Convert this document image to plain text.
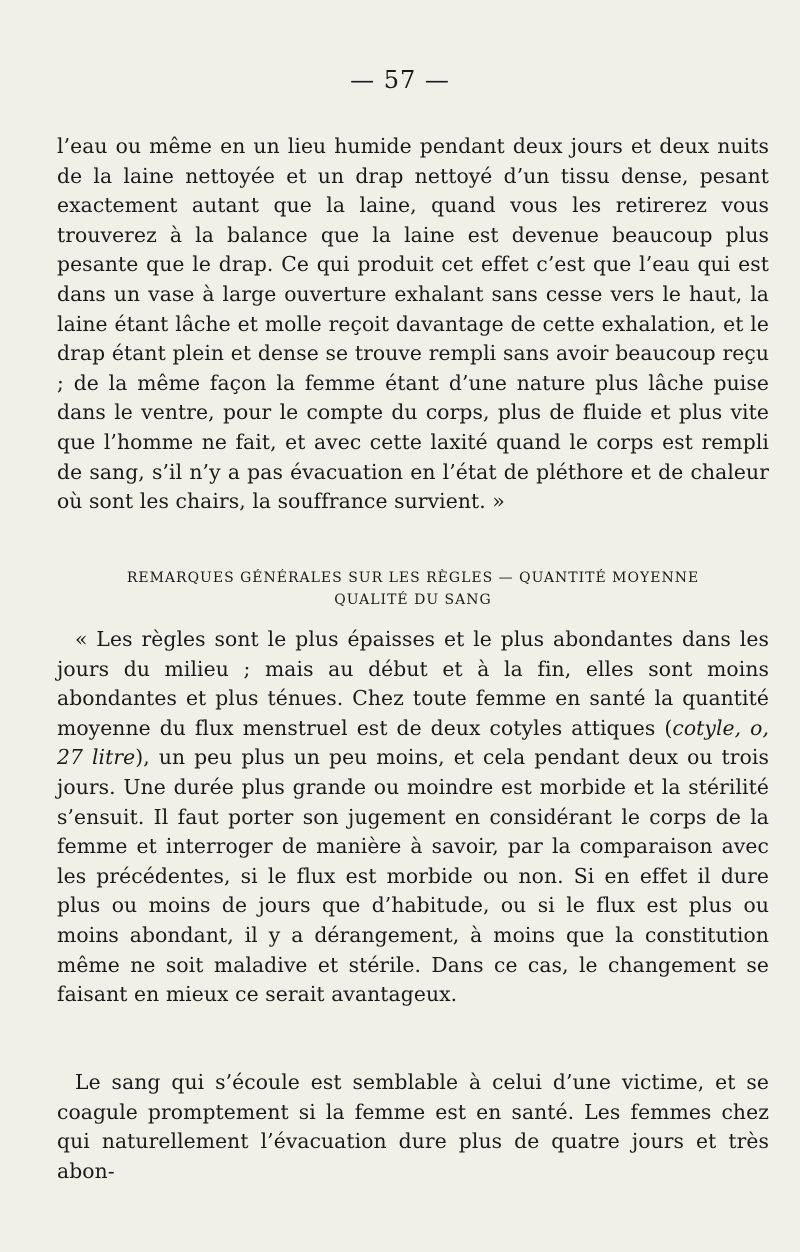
— 57 —

l’eau ou même en un lieu humide pendant deux jours et deux nuits de la laine nettoyée et un drap nettoyé d’un tissu dense, pesant exactement autant que la laine, quand vous les retirerez vous trouverez à la balance que la laine est devenue beaucoup plus pesante que le drap. Ce qui produit cet effet c’est que l’eau qui est dans un vase à large ouverture exhalant sans cesse vers le haut, la laine étant lâche et molle reçoit davantage de cette exhalation, et le drap étant plein et dense se trouve rempli sans avoir beaucoup reçu ; de la même façon la femme étant d’une nature plus lâche puise dans le ventre, pour le compte du corps, plus de fluide et plus vite que l’homme ne fait, et avec cette laxité quand le corps est rempli de sang, s’il n’y a pas évacuation en l’état de pléthore et de chaleur où sont les chairs, la souffrance survient. »

REMARQUES GÉNÉRALES SUR LES RÈGLES — QUANTITÉ MOYENNE
QUALITÉ DU SANG

« Les règles sont le plus épaisses et le plus abondantes dans les jours du milieu ; mais au début et à la fin, elles sont moins abondantes et plus ténues. Chez toute femme en santé la quantité moyenne du flux menstruel est de deux cotyles attiques (cotyle, o, 27 litre), un peu plus un peu moins, et cela pendant deux ou trois jours. Une durée plus grande ou moindre est morbide et la stérilité s’ensuit. Il faut porter son jugement en considérant le corps de la femme et interroger de manière à savoir, par la comparaison avec les précédentes, si le flux est morbide ou non. Si en effet il dure plus ou moins de jours que d’habitude, ou si le flux est plus ou moins abondant, il y a dérangement, à moins que la constitution même ne soit maladive et stérile. Dans ce cas, le changement se faisant en mieux ce serait avantageux.

Le sang qui s’écoule est semblable à celui d’une victime, et se coagule promptement si la femme est en santé. Les femmes chez qui naturellement l’évacuation dure plus de quatre jours et très abon-
